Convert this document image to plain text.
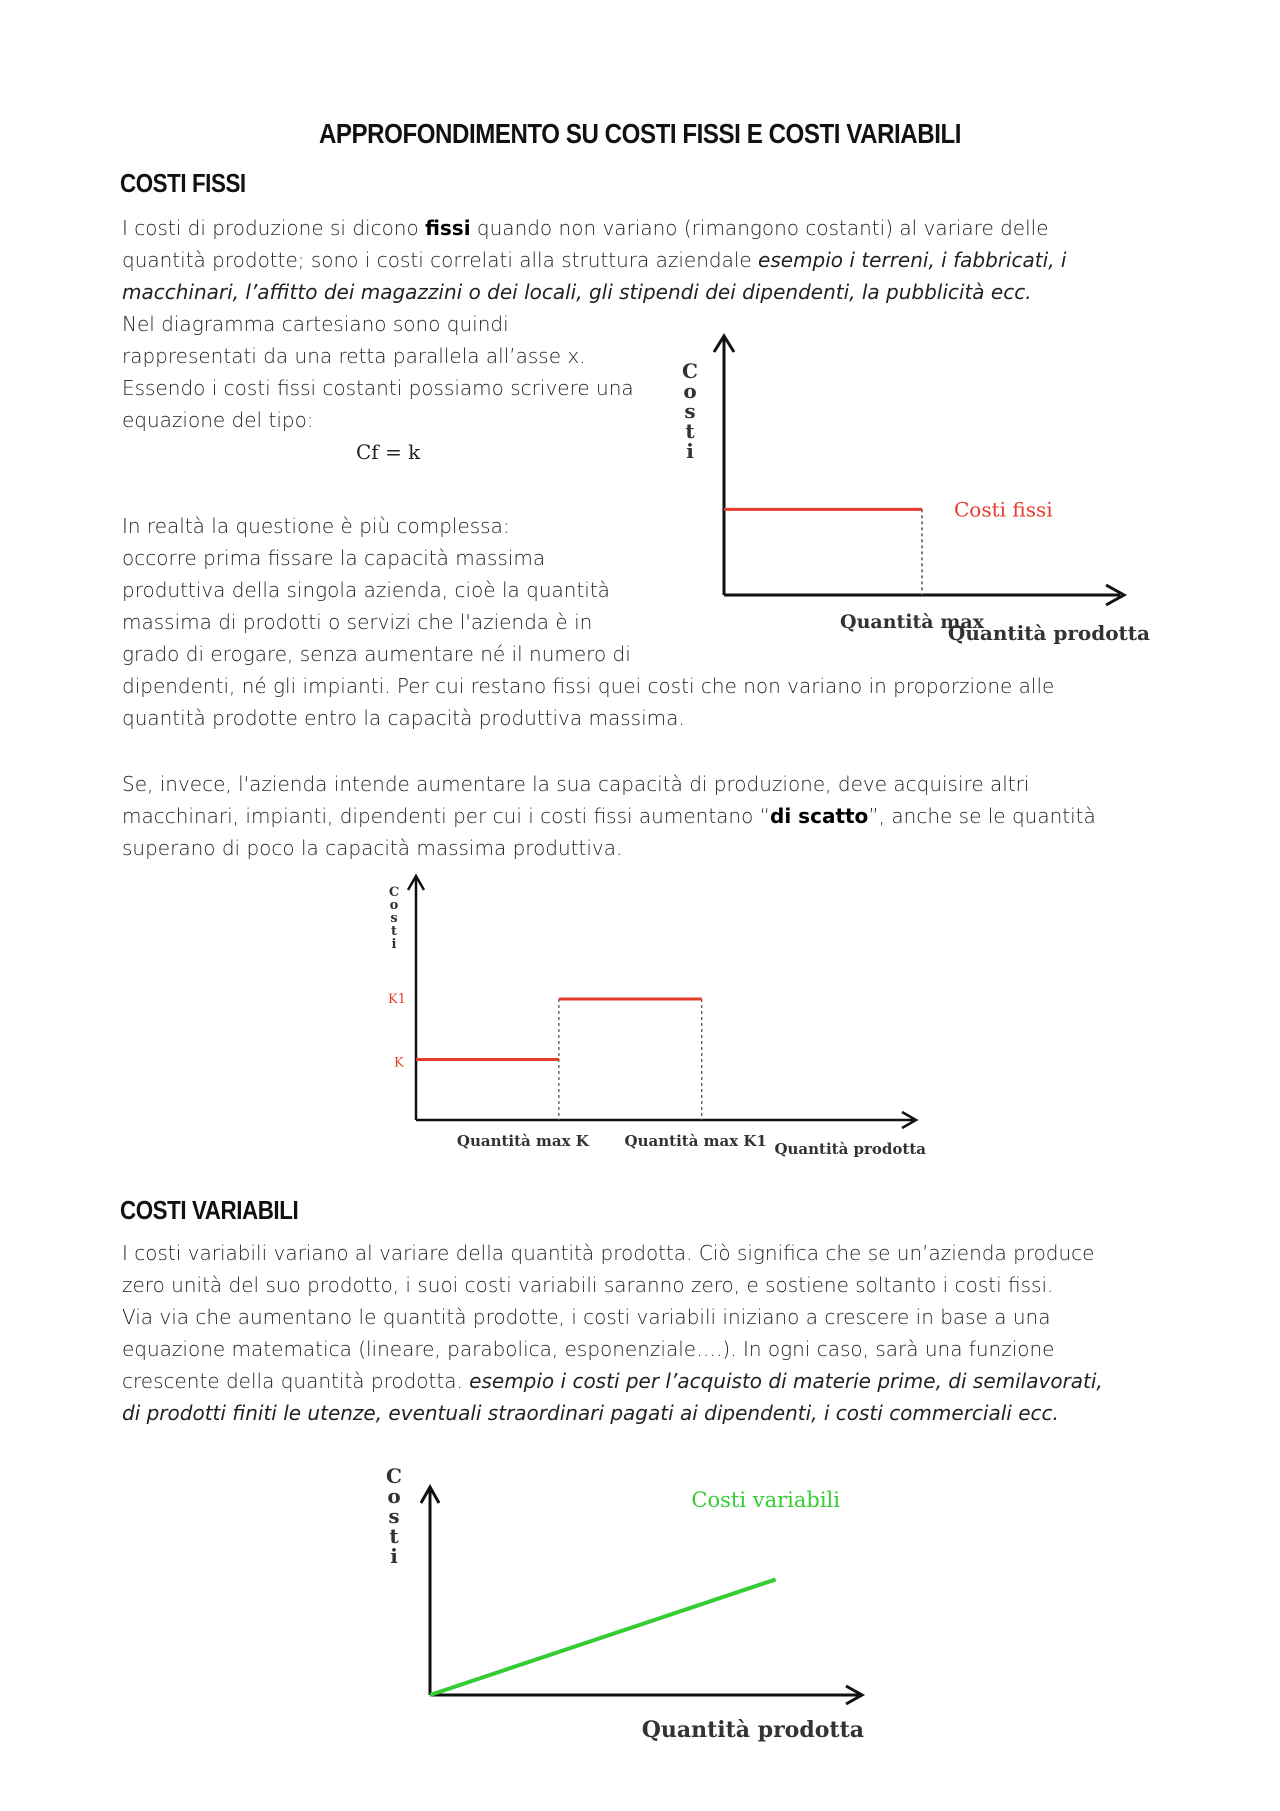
APPROFONDIMENTO SU COSTI FISSI E COSTI VARIABILI
COSTI FISSI
I costi di produzione si dicono fissi quando non variano (rimangono costanti) al variare delle
quantità prodotte; sono i costi correlati alla struttura aziendale esempio i terreni, i fabbricati, i
macchinari, l’affitto dei magazzini o dei locali, gli stipendi dei dipendenti, la pubblicità ecc.
Nel diagramma cartesiano sono quindi
rappresentati da una retta parallela all’asse x.
Essendo i costi fissi costanti possiamo scrivere una
equazione del tipo:
Cf = k
In realtà la questione è più complessa:
occorre prima fissare la capacità massima
produttiva della singola azienda, cioè la quantità
massima di prodotti o servizi che l'azienda è in
grado di erogare, senza aumentare né il numero di
dipendenti, né gli impianti. Per cui restano fissi quei costi che non variano in proporzione alle
quantità prodotte entro la capacità produttiva massima.
Se, invece, l'azienda intende aumentare la sua capacità di produzione, deve acquisire altri
macchinari, impianti, dipendenti per cui i costi fissi aumentano “di scatto”, anche se le quantità
superano di poco la capacità massima produttiva.
C
o
s
t
i
Costi fissi
Quantità max
Quantità prodotta
C
o
s
t
i
K
K1
Quantità max K Quantità max K1 Quantità prodotta
COSTI VARIABILI
I costi variabili variano al variare della quantità prodotta. Ciò significa che se un’azienda produce
zero unità del suo prodotto, i suoi costi variabili saranno zero, e sostiene soltanto i costi fissi.
Via via che aumentano le quantità prodotte, i costi variabili iniziano a crescere in base a una
equazione matematica (lineare, parabolica, esponenziale….). In ogni caso, sarà una funzione
crescente della quantità prodotta. esempio i costi per l’acquisto di materie prime, di semilavorati,
di prodotti finiti le utenze, eventuali straordinari pagati ai dipendenti, i costi commerciali ecc.
C
o
s
t
i
Costi variabili
Quantità prodotta
